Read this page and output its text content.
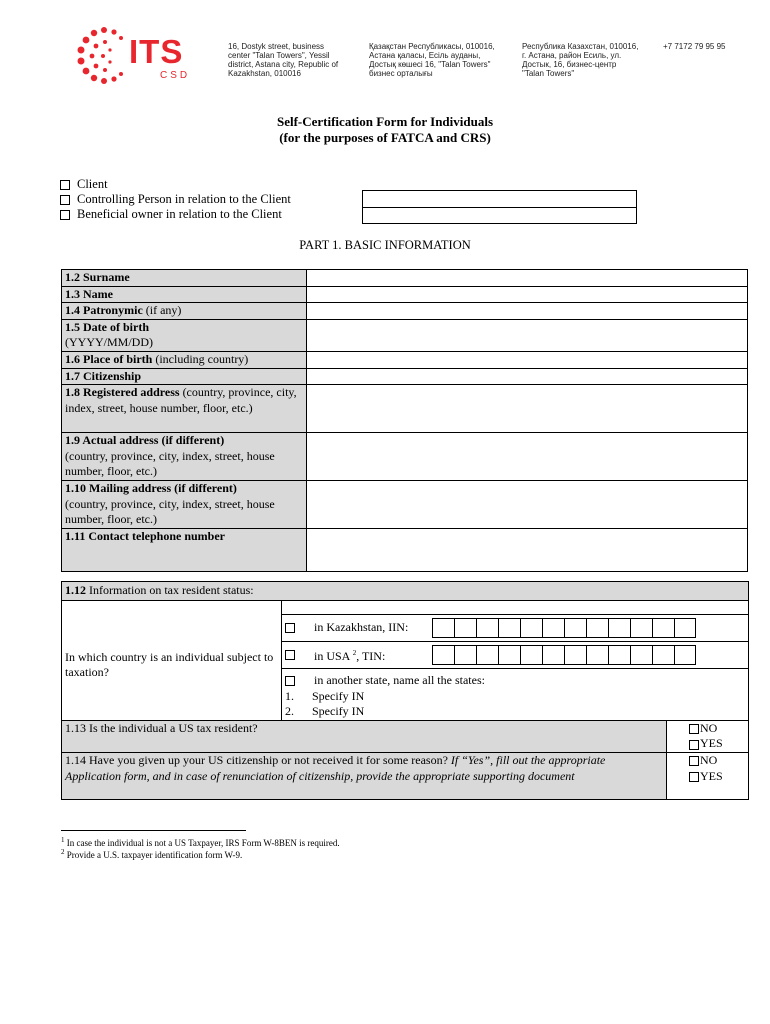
ITS
CSD
16, Dostyk street, business center "Talan Towers", Yessil district, Astana city, Republic of Kazakhstan, 010016
Қазақстан Республикасы, 010016, Астана қаласы, Есіль ауданы, Достық көшесі 16, "Talan Towers" бизнес орталығы
Республика Казахстан, 010016, г. Астана, район Есиль, ул. Достык, 16, бизнес-центр "Talan Towers"
+7 7172 79 95 95
Self-Certification Form for Individuals
(for the purposes of FATCA and CRS)
Client
Controlling Person in relation to the Client
Beneficial owner in relation to the Client
PART 1. BASIC INFORMATION
1.2 Surname	
1.3 Name	
1.4 Patronymic (if any)	
1.5 Date of birth
(YYYY/MM/DD)	
1.6 Place of birth (including country)	
1.7 Citizenship	
1.8 Registered address (country, province, city, index, street, house number, floor, etc.)	
1.9 Actual address (if different)
(country, province, city, index, street, house number, floor, etc.)	
1.10 Mailing address (if different)
(country, province, city, index, street, house number, floor, etc.)	
1.11 Contact telephone number	
1.12 Information on tax resident status:		
In which country is an individual subject to taxation?		

	in Kazakhstan, IIN:	

	in USA $^2$, TIN:	

	in another state, name all the states:
1. Specify IN
2. Specify IN	

1.13 Is the individual a US tax resident?		NO
YES

1.14 Have you given up your US citizenship or not received it for some reason? If “Yes”, fill out the appropriate Application form, and in case of renunciation of citizenship, provide the appropriate supporting document		NO
YES
$^1$ In case the individual is not a US Taxpayer, IRS Form W-8BEN is required.
$^2$ Provide a U.S. taxpayer identification form W-9.
